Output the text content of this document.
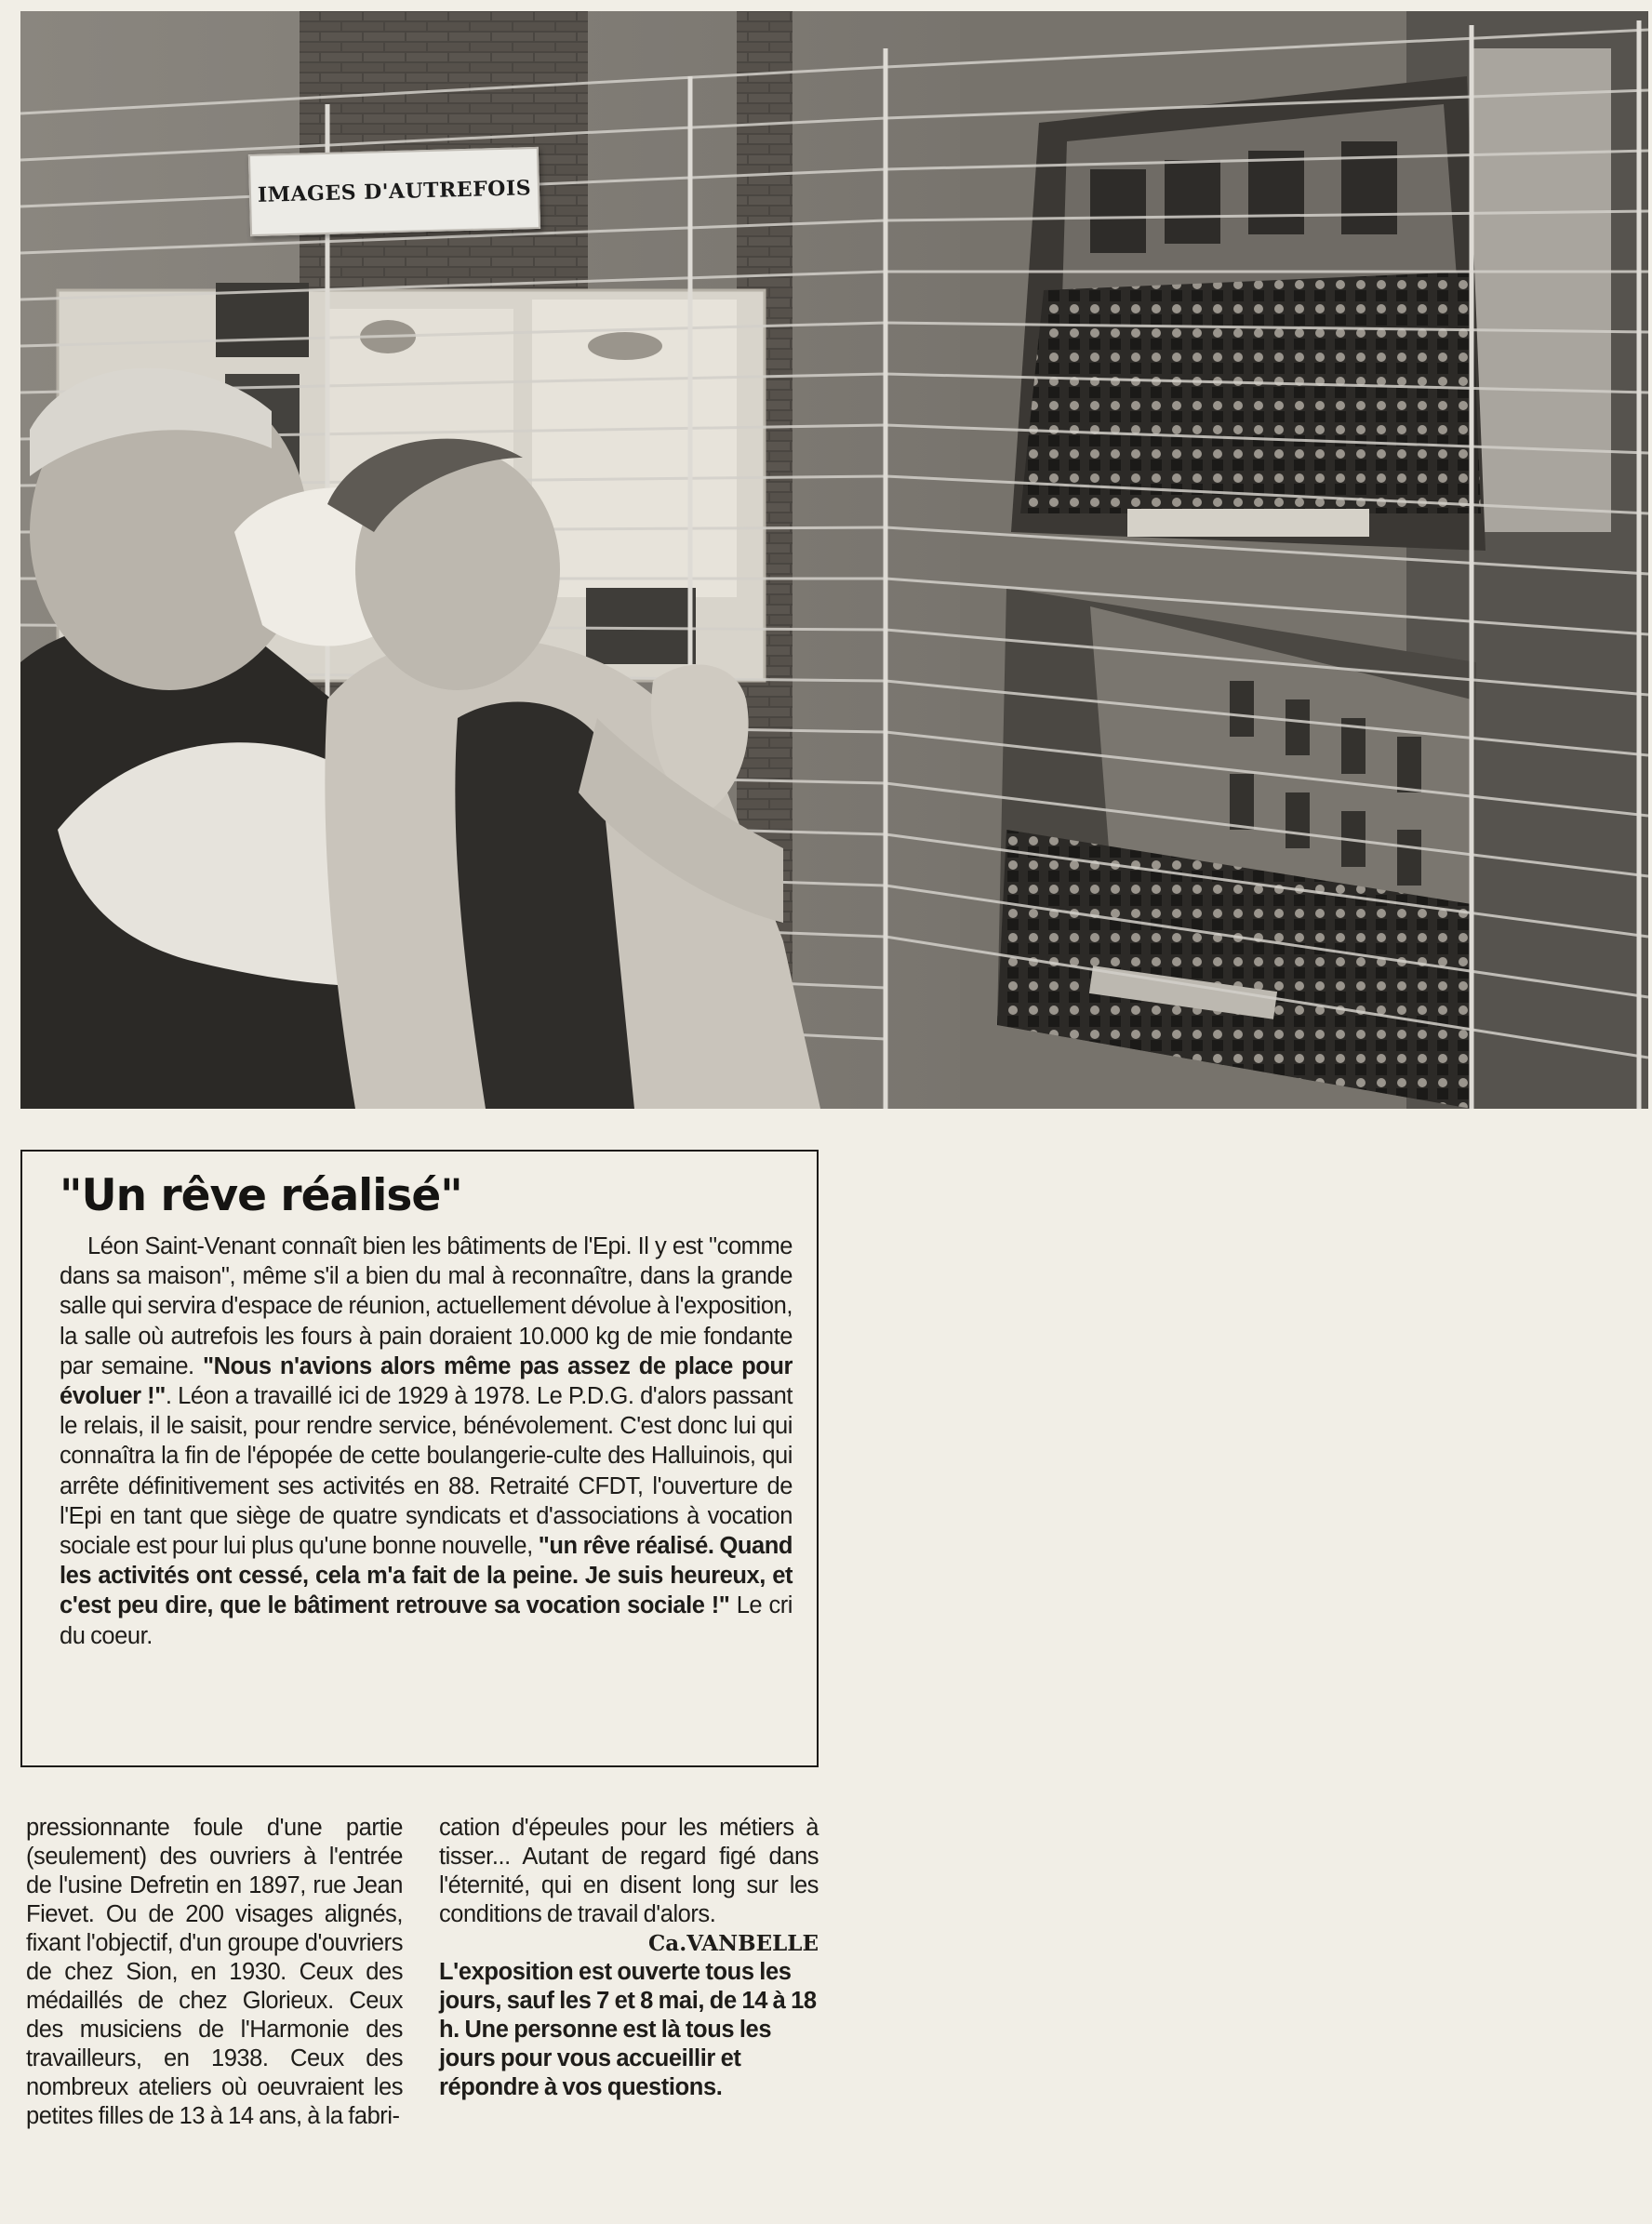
IMAGES D'AUTREFOIS
"Un rêve réalisé"

Léon Saint-Venant connaît bien les bâtiments de l'Epi. Il y est "comme dans sa maison", même s'il a bien du mal à reconnaître, dans la grande salle qui servira d'espace de réunion, actuellement dévolue à l'exposition, la salle où autrefois les fours à pain doraient 10.000 kg de mie fondante par semaine. "Nous n'avions alors même pas assez de place pour évoluer !". Léon a travaillé ici de 1929 à 1978. Le P.D.G. d'alors passant le relais, il le saisit, pour rendre service, bénévolement. C'est donc lui qui connaîtra la fin de l'épopée de cette boulangerie-culte des Halluinois, qui arrête définitivement ses activités en 88. Retraité CFDT, l'ouverture de l'Epi en tant que siège de quatre syndicats et d'associations à vocation sociale est pour lui plus qu'une bonne nouvelle, "un rêve réalisé. Quand les activités ont cessé, cela m'a fait de la peine. Je suis heureux, et c'est peu dire, que le bâtiment retrouve sa vocation sociale !" Le cri du coeur.

pressionnante foule d'une partie (seulement) des ouvriers à l'entrée de l'usine Defretin en 1897, rue Jean Fievet. Ou de 200 visages alignés, fixant l'objectif, d'un groupe d'ouvriers de chez Sion, en 1930. Ceux des médaillés de chez Glorieux. Ceux des musiciens de l'Harmonie des travailleurs, en 1938. Ceux des nombreux ateliers où oeuvraient les petites filles de 13 à 14 ans, à la fabri-

cation d'épeules pour les métiers à tisser... Autant de regard figé dans l'éternité, qui en disent long sur les conditions de travail d'alors.

Ca.VANBELLE

L'exposition est ouverte tous les jours, sauf les 7 et 8 mai, de 14 à 18 h. Une personne est là tous les jours pour vous accueillir et répondre à vos questions.
